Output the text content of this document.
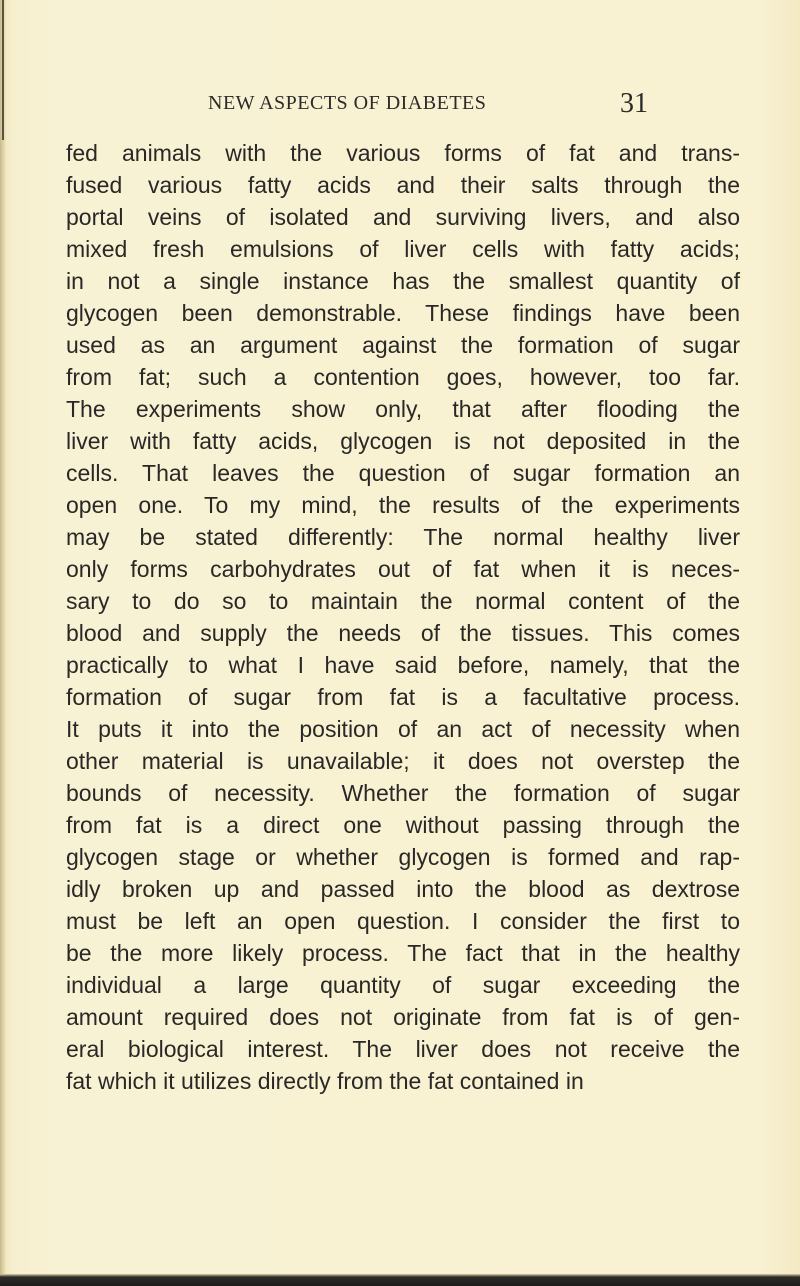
NEW ASPECTS OF DIABETES	31
fed animals with the various forms of fat and trans-
fused various fatty acids and their salts through the
portal veins of isolated and surviving livers, and also
mixed fresh emulsions of liver cells with fatty acids;
in not a single instance has the smallest quantity of
glycogen been demonstrable. These findings have been
used as an argument against the formation of sugar
from fat; such a contention goes, however, too far.
The experiments show only, that after flooding the
liver with fatty acids, glycogen is not deposited in the
cells. That leaves the question of sugar formation an
open one. To my mind, the results of the experiments
may be stated differently: The normal healthy liver
only forms carbohydrates out of fat when it is neces-
sary to do so to maintain the normal content of the
blood and supply the needs of the tissues. This comes
practically to what I have said before, namely, that the
formation of sugar from fat is a facultative process.
It puts it into the position of an act of necessity when
other material is unavailable; it does not overstep the
bounds of necessity. Whether the formation of sugar
from fat is a direct one without passing through the
glycogen stage or whether glycogen is formed and rap-
idly broken up and passed into the blood as dextrose
must be left an open question. I consider the first to
be the more likely process. The fact that in the healthy
individual a large quantity of sugar exceeding the
amount required does not originate from fat is of gen-
eral biological interest. The liver does not receive the
fat which it utilizes directly from the fat contained in
